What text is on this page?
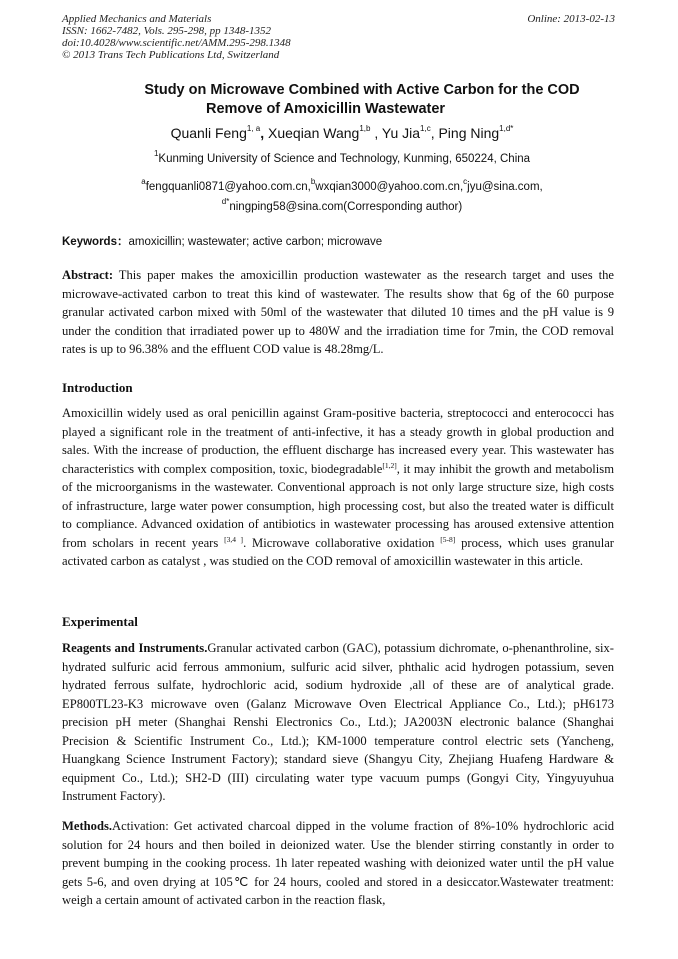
Applied Mechanics and Materials
ISSN: 1662-7482, Vols. 295-298, pp 1348-1352
doi:10.4028/www.scientific.net/AMM.295-298.1348
© 2013 Trans Tech Publications Ltd, Switzerland
Online: 2013-02-13
Study on Microwave Combined with Active Carbon for the COD
Remove of Amoxicillin Wastewater
Quanli Feng$^{1, a}$, Xueqian Wang$^{1,b}$ , Yu Jia$^{1,c}$, Ping Ning$^{1,d*}$
$^1$Kunming University of Science and Technology, Kunming, 650224, China
$^a$fengquanli0871@yahoo.com.cn,$^b$wxqian3000@yahoo.com.cn,$^c$jyu@sina.com,
$^{d*}$ningping58@sina.com(Corresponding author)
Keywords：amoxicillin; wastewater; active carbon; microwave
Abstract: This paper makes the amoxicillin production wastewater as the research target and uses the microwave-activated carbon to treat this kind of wastewater. The results show that 6g of the 60 purpose granular activated carbon mixed with 50ml of the wastewater that diluted 10 times and the pH value is 9 under the condition that irradiated power up to 480W and the irradiation time for 7min, the COD removal rates is up to 96.38% and the effluent COD value is 48.28mg/L.
Introduction
Amoxicillin widely used as oral penicillin against Gram-positive bacteria, streptococci and enterococci has played a significant role in the treatment of anti-infective, it has a steady growth in global production and sales. With the increase of production, the effluent discharge has increased every year. This wastewater has characteristics with complex composition, toxic, biodegradable[1,2], it may inhibit the growth and metabolism of the microorganisms in the wastewater. Conventional approach is not only large structure size, high costs of infrastructure, large water power consumption, high processing cost, but also the treated water is difficult to compliance. Advanced oxidation of antibiotics in wastewater processing has aroused extensive attention from scholars in recent years [3,4 ]. Microwave collaborative oxidation [5-8] process, which uses granular activated carbon as catalyst , was studied on the COD removal of amoxicillin wastewater in this article.
Experimental
Reagents and Instruments.Granular activated carbon (GAC), potassium dichromate, o-phenanthroline, six-hydrated sulfuric acid ferrous ammonium, sulfuric acid silver, phthalic acid hydrogen potassium, seven hydrated ferrous sulfate, hydrochloric acid, sodium hydroxide ,all of these are of analytical grade. EP800TL23-K3 microwave oven (Galanz Microwave Oven Electrical Appliance Co., Ltd.); pH6173 precision pH meter (Shanghai Renshi Electronics Co., Ltd.); JA2003N electronic balance (Shanghai Precision & Scientific Instrument Co., Ltd.); KM-1000 temperature control electric sets (Yancheng, Huangkang Science Instrument Factory); standard sieve (Shangyu City, Zhejiang Huafeng Hardware & equipment Co., Ltd.); SH2-D (III) circulating water type vacuum pumps (Gongyi City, Yingyuyuhua Instrument Factory).
Methods.Activation: Get activated charcoal dipped in the volume fraction of 8%-10% hydrochloric acid solution for 24 hours and then boiled in deionized water. Use the blender stirring constantly in order to prevent bumping in the cooking process. 1h later repeated washing with deionized water until the pH value gets 5-6, and oven drying at 105℃ for 24 hours, cooled and stored in a desiccator.Wastewater treatment: weigh a certain amount of activated carbon in the reaction flask,
